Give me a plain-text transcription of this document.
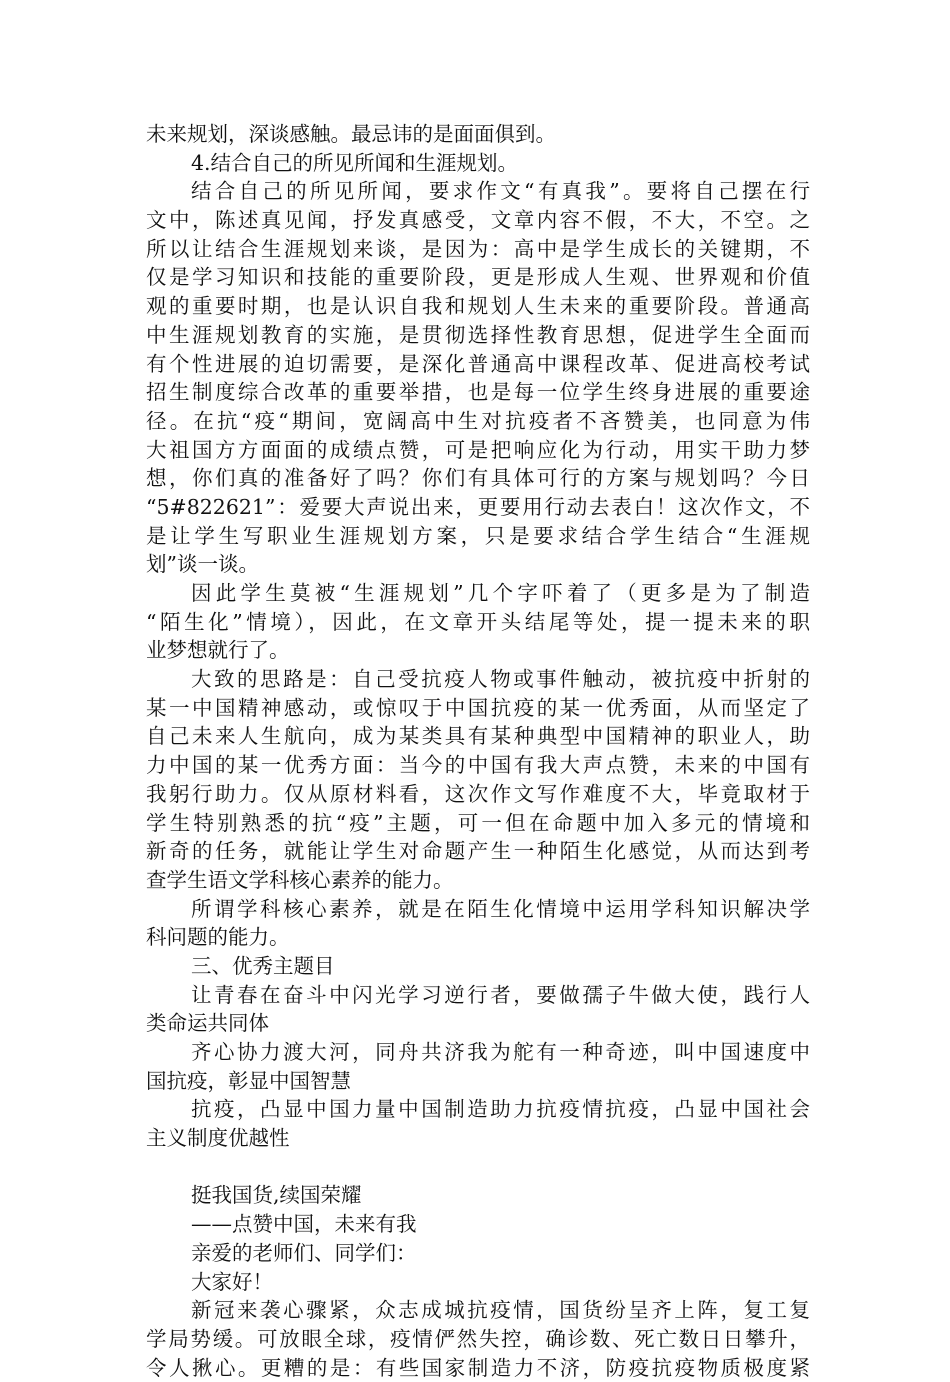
未来规划，深谈感触。最忌讳的是面面俱到。
4.结合自己的所见所闻和生涯规划。
结合自己的所见所闻，要求作文“有真我”。要将自己摆在行
文中，陈述真见闻，抒发真感受，文章内容不假，不大，不空。之
所以让结合生涯规划来谈，是因为：高中是学生成长的关键期，不
仅是学习知识和技能的重要阶段，更是形成人生观、世界观和价值
观的重要时期，也是认识自我和规划人生未来的重要阶段。普通高
中生涯规划教育的实施，是贯彻选择性教育思想，促进学生全面而
有个性进展的迫切需要，是深化普通高中课程改革、促进高校考试
招生制度综合改革的重要举措，也是每一位学生终身进展的重要途
径。在抗“疫“期间，宽阔高中生对抗疫者不吝赞美，也同意为伟
大祖国方方面面的成绩点赞，可是把响应化为行动，用实干助力梦
想，你们真的准备好了吗？你们有具体可行的方案与规划吗？今日
“5#822621”：爱要大声说出来，更要用行动去表白！这次作文，不
是让学生写职业生涯规划方案，只是要求结合学生结合“生涯规
划”谈一谈。
因此学生莫被“生涯规划”几个字吓着了（更多是为了制造
“陌生化”情境），因此，在文章开头结尾等处，提一提未来的职
业梦想就行了。
大致的思路是：自己受抗疫人物或事件触动，被抗疫中折射的
某一中国精神感动，或惊叹于中国抗疫的某一优秀面，从而坚定了
自己未来人生航向，成为某类具有某种典型中国精神的职业人，助
力中国的某一优秀方面：当今的中国有我大声点赞，未来的中国有
我躬行助力。仅从原材料看，这次作文写作难度不大，毕竟取材于
学生特别熟悉的抗“疫”主题，可一但在命题中加入多元的情境和
新奇的任务，就能让学生对命题产生一种陌生化感觉，从而达到考
查学生语文学科核心素养的能力。
所谓学科核心素养，就是在陌生化情境中运用学科知识解决学
科问题的能力。
三、优秀主题目
让青春在奋斗中闪光学习逆行者，要做孺子牛做大使，践行人
类命运共同体
齐心协力渡大河，同舟共济我为舵有一种奇迹，叫中国速度中
国抗疫，彰显中国智慧
抗疫，凸显中国力量中国制造助力抗疫情抗疫，凸显中国社会
主义制度优越性
挺我国货,续国荣耀
——点赞中国，未来有我
亲爱的老师们、同学们：
大家好！
新冠来袭心骤紧，众志成城抗疫情，国货纷呈齐上阵，复工复
学局势缓。可放眼全球，疫情俨然失控，确诊数、死亡数日日攀升，
令人揪心。更糟的是：有些国家制造力不济，防疫抗疫物质极度紧
